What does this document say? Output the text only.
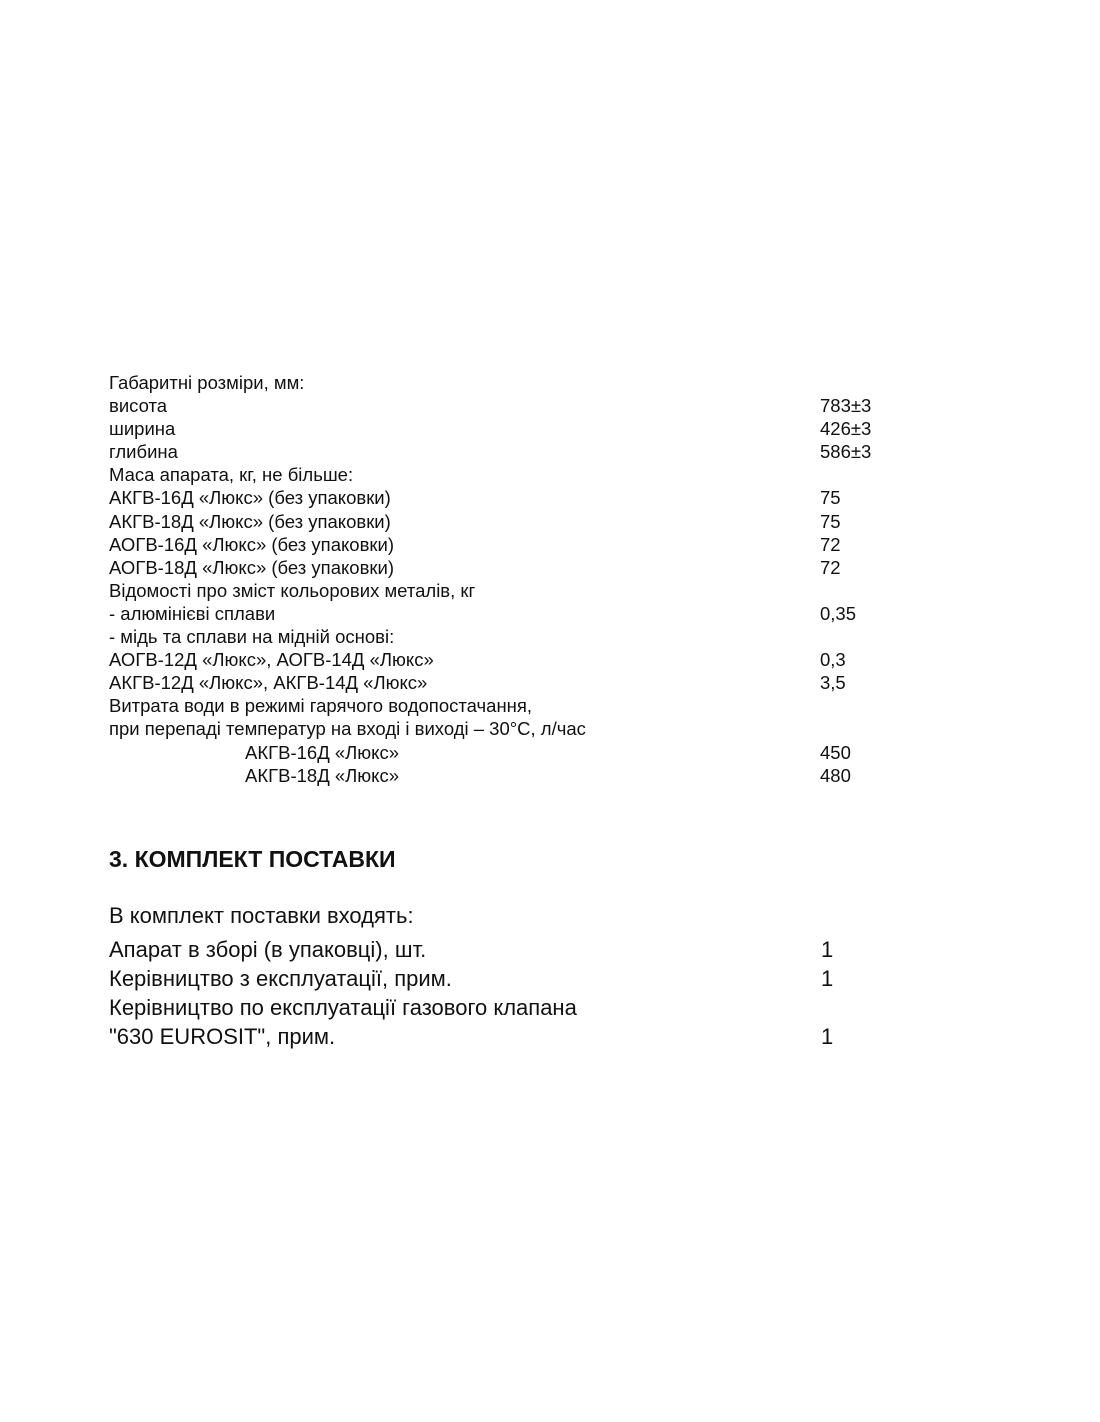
Габаритні розміри, мм:
висота	783±3
ширина	426±3
глибина	586±3
Маса апарата, кг, не більше:
АКГВ-16Д «Люкс» (без упаковки)	75
АКГВ-18Д «Люкс» (без упаковки)	75
АОГВ-16Д «Люкс» (без упаковки)	72
АОГВ-18Д «Люкс» (без упаковки)	72
Відомості про зміст кольорових металів, кг
- алюмінієві сплави	0,35
- мідь та сплави на мідній основі:
АОГВ-12Д «Люкс», АОГВ-14Д «Люкс»	0,3
АКГВ-12Д «Люкс», АКГВ-14Д «Люкс»	3,5
Витрата води в режимі гарячого водопостачання,
при перепаді температур на вході і виході – 30°С, л/час
АКГВ-16Д «Люкс»	450
АКГВ-18Д «Люкс»	480
3. КОМПЛЕКТ ПОСТАВКИ
В комплект поставки входять:
Апарат в зборі (в упаковці), шт.	1
Керівництво з експлуатації, прим.	1
Керівництво по експлуатації газового клапана
"630 EUROSIT", прим.	1
